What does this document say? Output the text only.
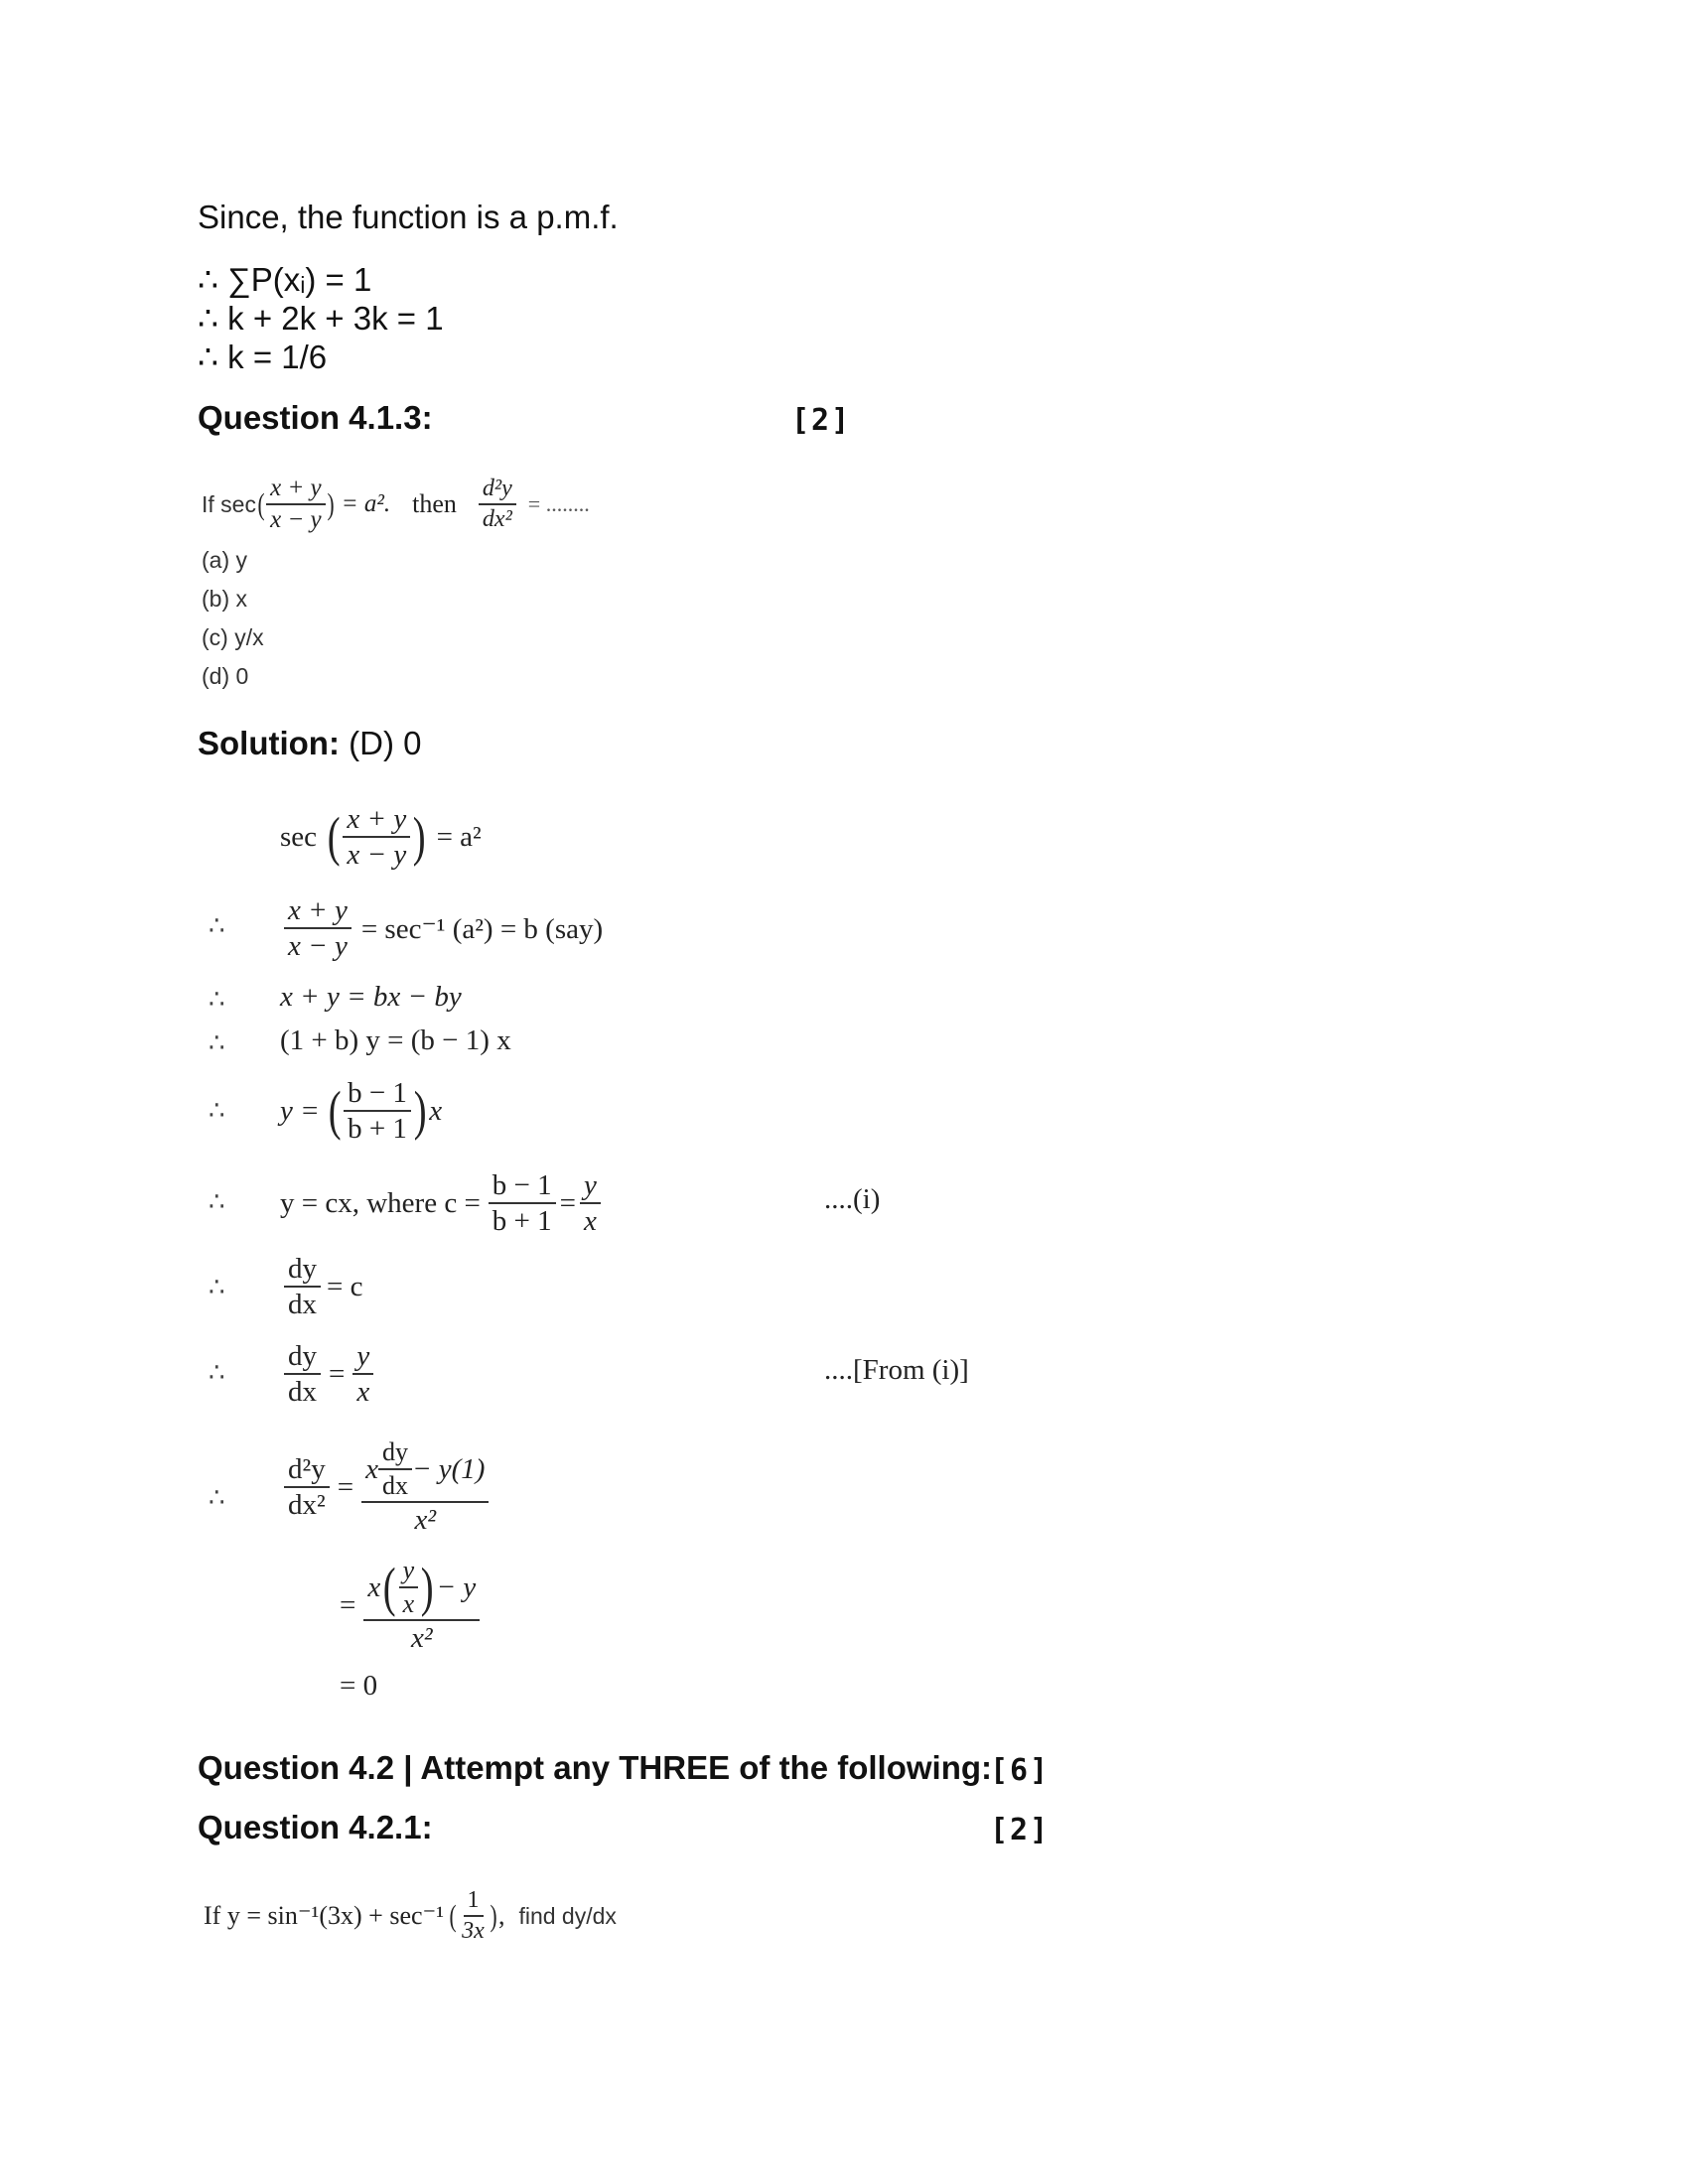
Since, the function is a p.m.f.
∴ ∑P(xᵢ) = 1
∴ k + 2k + 3k = 1
∴ k = 1/6
Question 4.1.3:	[2]
If sec ( $\frac{x + y}{x - y}$ ) = a². then $\frac{\text{d²y}}{\text{dx²}}$ = ........
(a) y
(b) x
(c) y/x
(d) 0
Solution: (D) 0
sec ( $\frac{x + y}{x - y}$ ) = a²
∴ $\frac{x + y}{x - y} = \sec^{-1}$ (a²) = b (say)
∴ x + y = bx − by
∴ (1 + b) y = (b − 1) x
∴ y = ( $\frac{b - 1}{b + 1}$ ) x
∴ y = cx, where $c = \frac{b - 1}{b + 1} = \frac{y}{x}$	....(i)
∴ $\frac{dy}{dx} = c$
∴ $\frac{dy}{dx} = \frac{y}{x}$	....[From (i)]
∴ $\frac{\text{d²y}}{\text{dx²}} = \frac{x \frac{dy}{dx} - y(1)}{\text{x²}}$
= $\frac{x ( \frac{y}{x} ) - y}{\text{x²}}$
= 0
Question 4.2 | Attempt any THREE of the following:
[6]
Question 4.2.1:	[2]
If y = sin⁻¹(3x) + sec⁻¹ ( $\frac{1}{3x}$ ) , find dy/dx
